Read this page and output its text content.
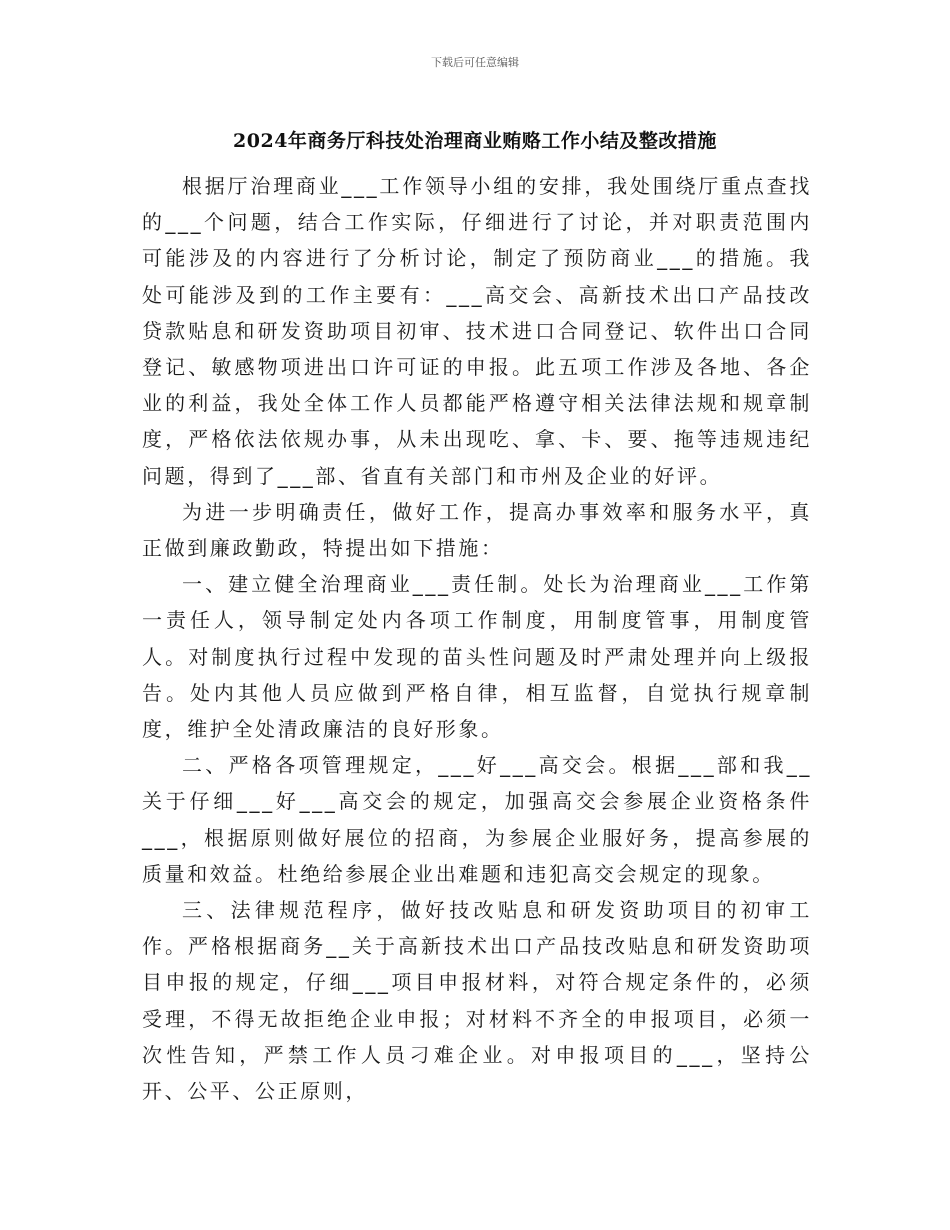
下载后可任意编辑
2024年商务厅科技处治理商业贿赂工作小结及整改措施

根据厅治理商业___工作领导小组的安排，我处围绕厅重点查找的___个问题，结合工作实际，仔细进行了讨论，并对职责范围内可能涉及的内容进行了分析讨论，制定了预防商业___的措施。我处可能涉及到的工作主要有：___高交会、高新技术出口产品技改贷款贴息和研发资助项目初审、技术进口合同登记、软件出口合同登记、敏感物项进出口许可证的申报。此五项工作涉及各地、各企业的利益，我处全体工作人员都能严格遵守相关法律法规和规章制度，严格依法依规办事，从未出现吃、拿、卡、要、拖等违规违纪问题，得到了___部、省直有关部门和市州及企业的好评。

为进一步明确责任，做好工作，提高办事效率和服务水平，真正做到廉政勤政，特提出如下措施：

一、建立健全治理商业___责任制。处长为治理商业___工作第一责任人，领导制定处内各项工作制度，用制度管事，用制度管人。对制度执行过程中发现的苗头性问题及时严肃处理并向上级报告。处内其他人员应做到严格自律，相互监督，自觉执行规章制度，维护全处清政廉洁的良好形象。

二、严格各项管理规定，___好___高交会。根据___部和我__关于仔细___好___高交会的规定，加强高交会参展企业资格条件___，根据原则做好展位的招商，为参展企业服好务，提高参展的质量和效益。杜绝给参展企业出难题和违犯高交会规定的现象。

三、法律规范程序，做好技改贴息和研发资助项目的初审工作。严格根据商务__关于高新技术出口产品技改贴息和研发资助项目申报的规定，仔细___项目申报材料，对符合规定条件的，必须受理，不得无故拒绝企业申报；对材料不齐全的申报项目，必须一次性告知，严禁工作人员刁难企业。对申报项目的___，坚持公开、公平、公正原则，
